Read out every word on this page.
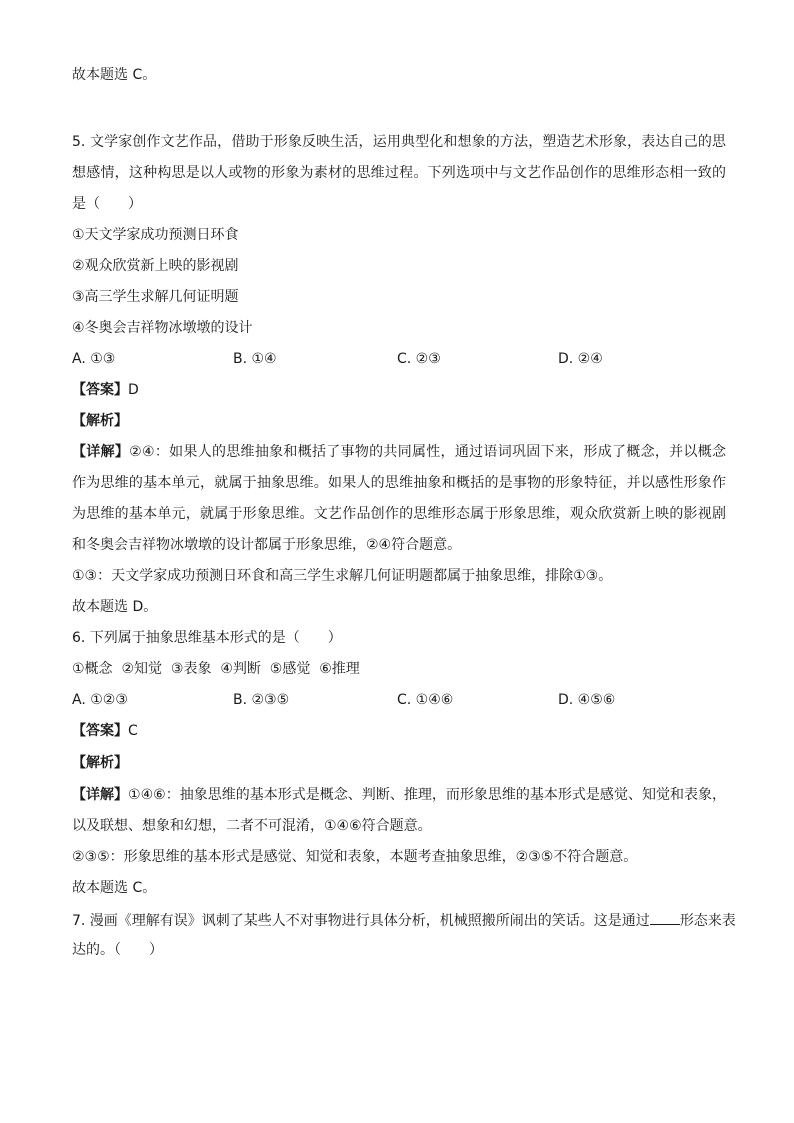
故本题选 C。
5. 文学家创作文艺作品，借助于形象反映生活，运用典型化和想象的方法，塑造艺术形象，表达自己的思
想感情，这种构思是以人或物的形象为素材的思维过程。下列选项中与文艺作品创作的思维形态相一致的
是（　　）
①天文学家成功预测日环食
②观众欣赏新上映的影视剧
③高三学生求解几何证明题
④冬奥会吉祥物冰墩墩的设计
A. ①③	B. ①④	C. ②③	D. ②④
【答案】D
【解析】
【详解】②④：如果人的思维抽象和概括了事物的共同属性，通过语词巩固下来，形成了概念，并以概念
作为思维的基本单元，就属于抽象思维。如果人的思维抽象和概括的是事物的形象特征，并以感性形象作
为思维的基本单元，就属于形象思维。文艺作品创作的思维形态属于形象思维，观众欣赏新上映的影视剧
和冬奥会吉祥物冰墩墩的设计都属于形象思维，②④符合题意。
①③：天文学家成功预测日环食和高三学生求解几何证明题都属于抽象思维，排除①③。
故本题选 D。
6. 下列属于抽象思维基本形式的是（　　）
①概念  ②知觉  ③表象  ④判断  ⑤感觉  ⑥推理
A. ①②③	B. ②③⑤	C. ①④⑥	D. ④⑤⑥
【答案】C
【解析】
【详解】①④⑥：抽象思维的基本形式是概念、判断、推理，而形象思维的基本形式是感觉、知觉和表象，
以及联想、想象和幻想，二者不可混淆，①④⑥符合题意。
②③⑤：形象思维的基本形式是感觉、知觉和表象，本题考查抽象思维，②③⑤不符合题意。
故本题选 C。
7. 漫画《理解有误》讽刺了某些人不对事物进行具体分析，机械照搬所闹出的笑话。这是通过 形态来表
达的。（　　）
